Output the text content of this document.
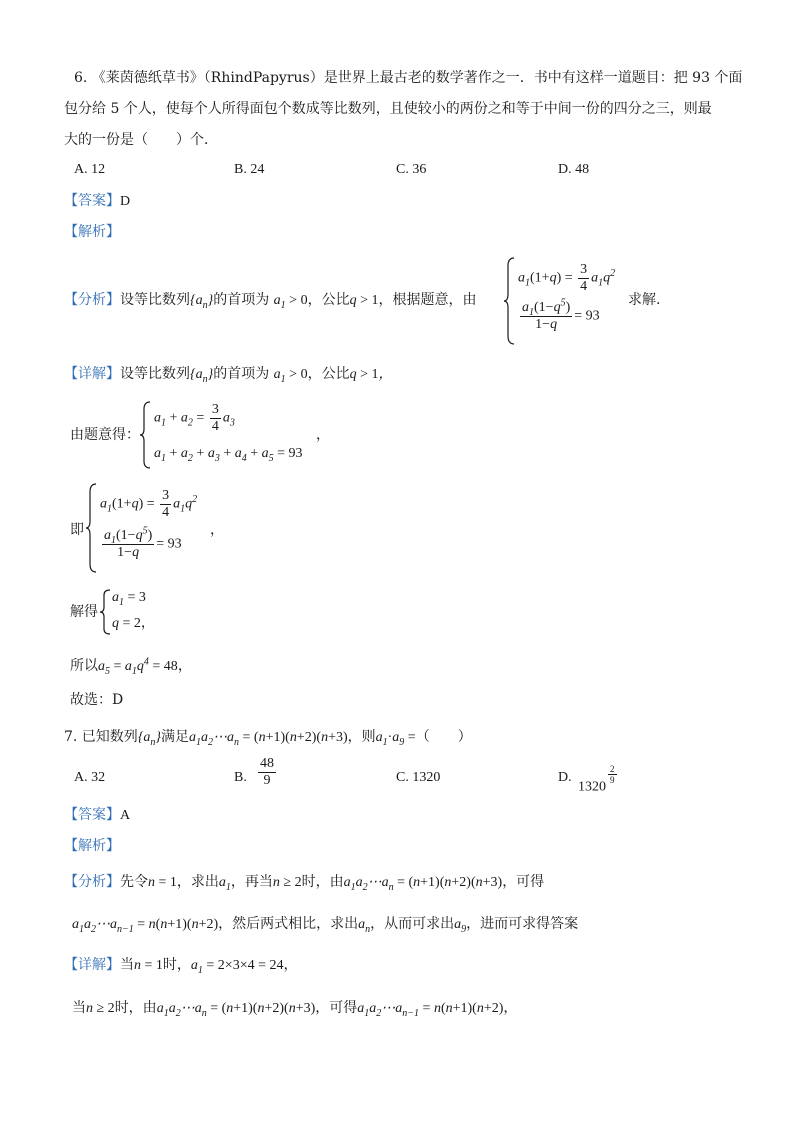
6. 《莱茵德纸草书》（RhindPapyrus）是世界上最古老的数学著作之一．书中有这样一道题目：把 93 个面
包分给 5 个人，使每个人所得面包个数成等比数列，且使较小的两份之和等于中间一份的四分之三，则最
大的一份是（　　）个．
A. 12	B. 24	C. 36	D. 48
【答案】D
【解析】
【分析】设等比数列$\{a_n\}$的首项为 $a_1 > 0$，公比q > 1，根据题意，由
$a_1(1+q) = \frac{3}{4} a_1q^2$
$\frac{a_1(1-q^5)}{1-q} = 93$
求解.
【详解】设等比数列$\{a_n\}$的首项为 $a_1 > 0$，公比q > 1，
由题意得：
$a_1 + a_2 = \frac{3}{4} a_3$
$a_1 + a_2 + a_3 + a_4 + a_5 = 93$
，
即
$a_1(1+q) = \frac{3}{4} a_1q^2$
$\frac{a_1(1-q^5)}{1-q} = 93$
，
解得
$a_1 = 3$
q = 2，
所以$a_5 = a_1q^4 = 48$，
故选：D
7. 已知数列$\{a_n\}$满足$a_1a_2\cdots a_n = (n+1)(n+2)(n+3)$，则$a_1\cdot a_9$ =（　　）
A. 32	B. $\frac{48}{9}$	C. 1320	D.
1320
$^{\frac{2}{9}}$
【答案】A
【解析】
【分析】先令n = 1，求出$a_1$，再当n ≥ 2时，由$a_1a_2\cdots a_n = (n+1)(n+2)(n+3)$，可得
$a_1a_2\cdots a_{n-1} = n(n+1)(n+2)$，然后两式相比，求出$a_n$，从而可求出$a_9$，进而可求得答案
【详解】当n = 1时，$a_1 = 2\times 3\times 4 = 24$，
当n ≥ 2时，由$a_1a_2\cdots a_n = (n+1)(n+2)(n+3)$，可得$a_1a_2\cdots a_{n-1} = n(n+1)(n+2)$，
